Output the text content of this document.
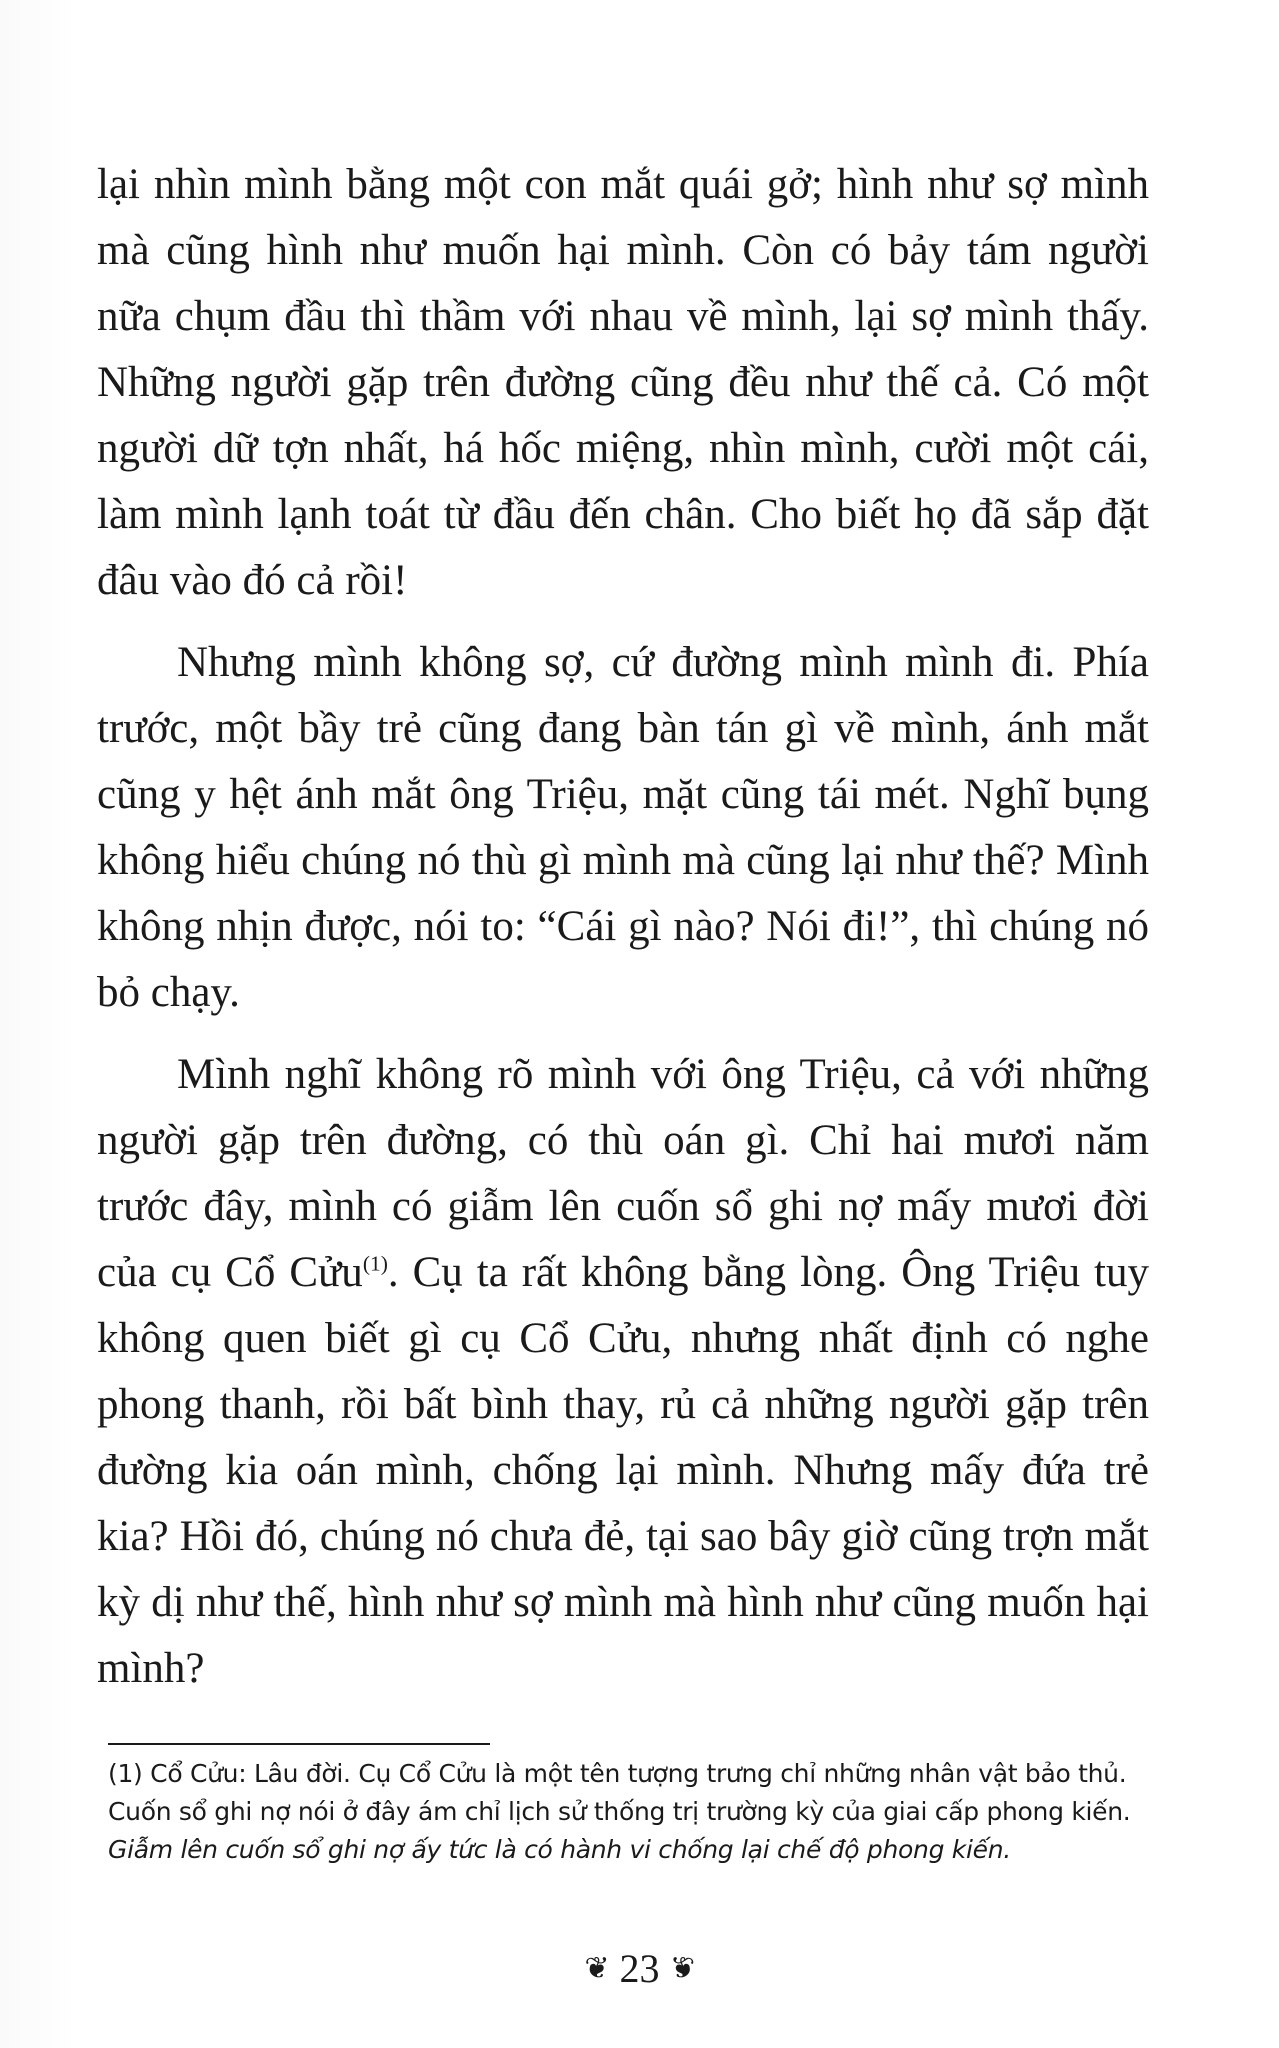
lại nhìn mình bằng một con mắt quái gở; hình như sợ mình mà cũng hình như muốn hại mình. Còn có bảy tám người nữa chụm đầu thì thầm với nhau về mình, lại sợ mình thấy. Những người gặp trên đường cũng đều như thế cả. Có một người dữ tợn nhất, há hốc miệng, nhìn mình, cười một cái, làm mình lạnh toát từ đầu đến chân. Cho biết họ đã sắp đặt đâu vào đó cả rồi!

Nhưng mình không sợ, cứ đường mình mình đi. Phía trước, một bầy trẻ cũng đang bàn tán gì về mình, ánh mắt cũng y hệt ánh mắt ông Triệu, mặt cũng tái mét. Nghĩ bụng không hiểu chúng nó thù gì mình mà cũng lại như thế? Mình không nhịn được, nói to: “Cái gì nào? Nói đi!”, thì chúng nó bỏ chạy.

Mình nghĩ không rõ mình với ông Triệu, cả với những người gặp trên đường, có thù oán gì. Chỉ hai mươi năm trước đây, mình có giẫm lên cuốn sổ ghi nợ mấy mươi đời của cụ Cổ Cửu$^{(1)}$. Cụ ta rất không bằng lòng. Ông Triệu tuy không quen biết gì cụ Cổ Cửu, nhưng nhất định có nghe phong thanh, rồi bất bình thay, rủ cả những người gặp trên đường kia oán mình, chống lại mình. Nhưng mấy đứa trẻ kia? Hồi đó, chúng nó chưa đẻ, tại sao bây giờ cũng trợn mắt kỳ dị như thế, hình như sợ mình mà hình như cũng muốn hại mình?

(1) Cổ Cửu: Lâu đời. Cụ Cổ Cửu là một tên tượng trưng chỉ những nhân vật bảo thủ.

Cuốn sổ ghi nợ nói ở đây ám chỉ lịch sử thống trị trường kỳ của giai cấp phong kiến.

Giẫm lên cuốn sổ ghi nợ ấy tức là có hành vi chống lại chế độ phong kiến.

❦ 23 ❦
